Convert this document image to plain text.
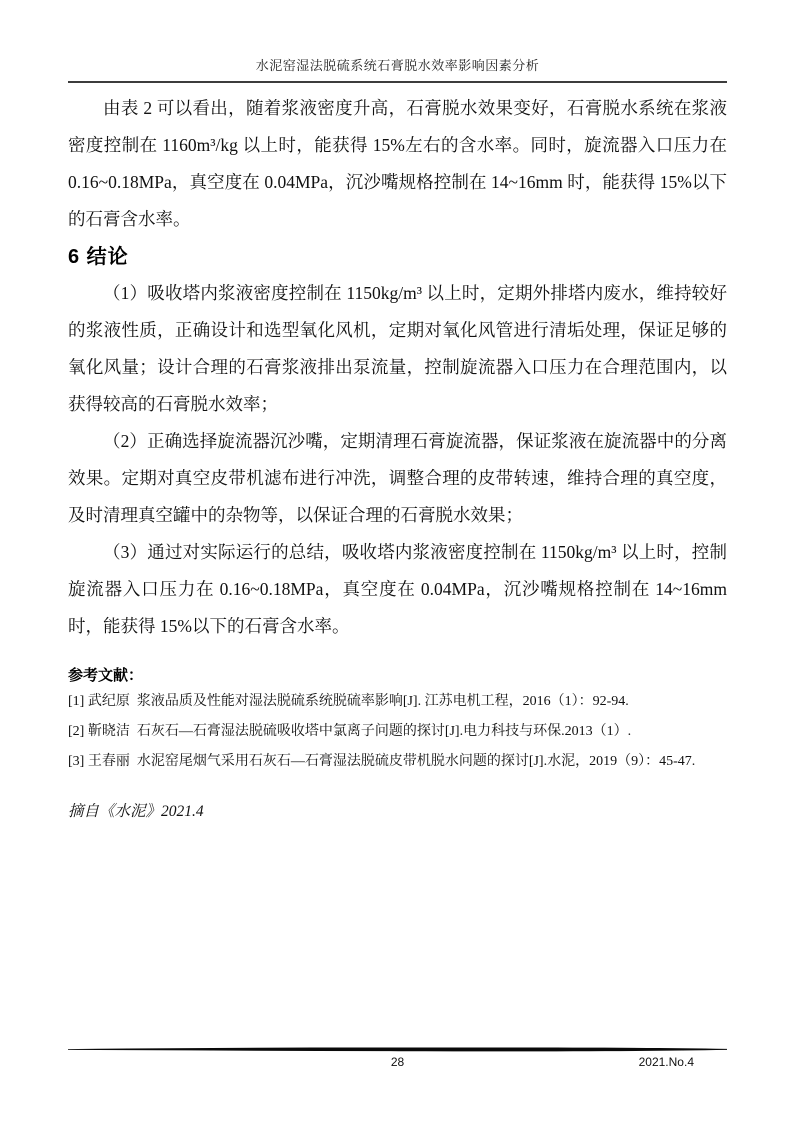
水泥窑湿法脱硫系统石膏脱水效率影响因素分析

由表 2 可以看出，随着浆液密度升高，石膏脱水效果变好，石膏脱水系统在浆液密度控制在 1160m³/kg 以上时，能获得 15%左右的含水率。同时，旋流器入口压力在 0.16~0.18MPa，真空度在 0.04MPa，沉沙嘴规格控制在 14~16mm 时，能获得 15%以下的石膏含水率。

6 结论

（1）吸收塔内浆液密度控制在 1150kg/m³ 以上时，定期外排塔内废水，维持较好的浆液性质，正确设计和选型氧化风机，定期对氧化风管进行清垢处理，保证足够的氧化风量；设计合理的石膏浆液排出泵流量，控制旋流器入口压力在合理范围内，以获得较高的石膏脱水效率；

（2）正确选择旋流器沉沙嘴，定期清理石膏旋流器，保证浆液在旋流器中的分离效果。定期对真空皮带机滤布进行冲洗，调整合理的皮带转速，维持合理的真空度，及时清理真空罐中的杂物等，以保证合理的石膏脱水效果；

（3）通过对实际运行的总结，吸收塔内浆液密度控制在 1150kg/m³ 以上时，控制旋流器入口压力在 0.16~0.18MPa，真空度在 0.04MPa，沉沙嘴规格控制在 14~16mm 时，能获得 15%以下的石膏含水率。

参考文献：
[1] 武纪原  浆液品质及性能对湿法脱硫系统脱硫率影响[J]. 江苏电机工程，2016（1）：92-94.
[2] 靳晓洁  石灰石—石膏湿法脱硫吸收塔中氯离子问题的探讨[J].电力科技与环保.2013（1）.
[3] 王春丽  水泥窑尾烟气采用石灰石—石膏湿法脱硫皮带机脱水问题的探讨[J].水泥，2019（9）：45-47.
摘自《水泥》2021.4
28	2021.No.4
